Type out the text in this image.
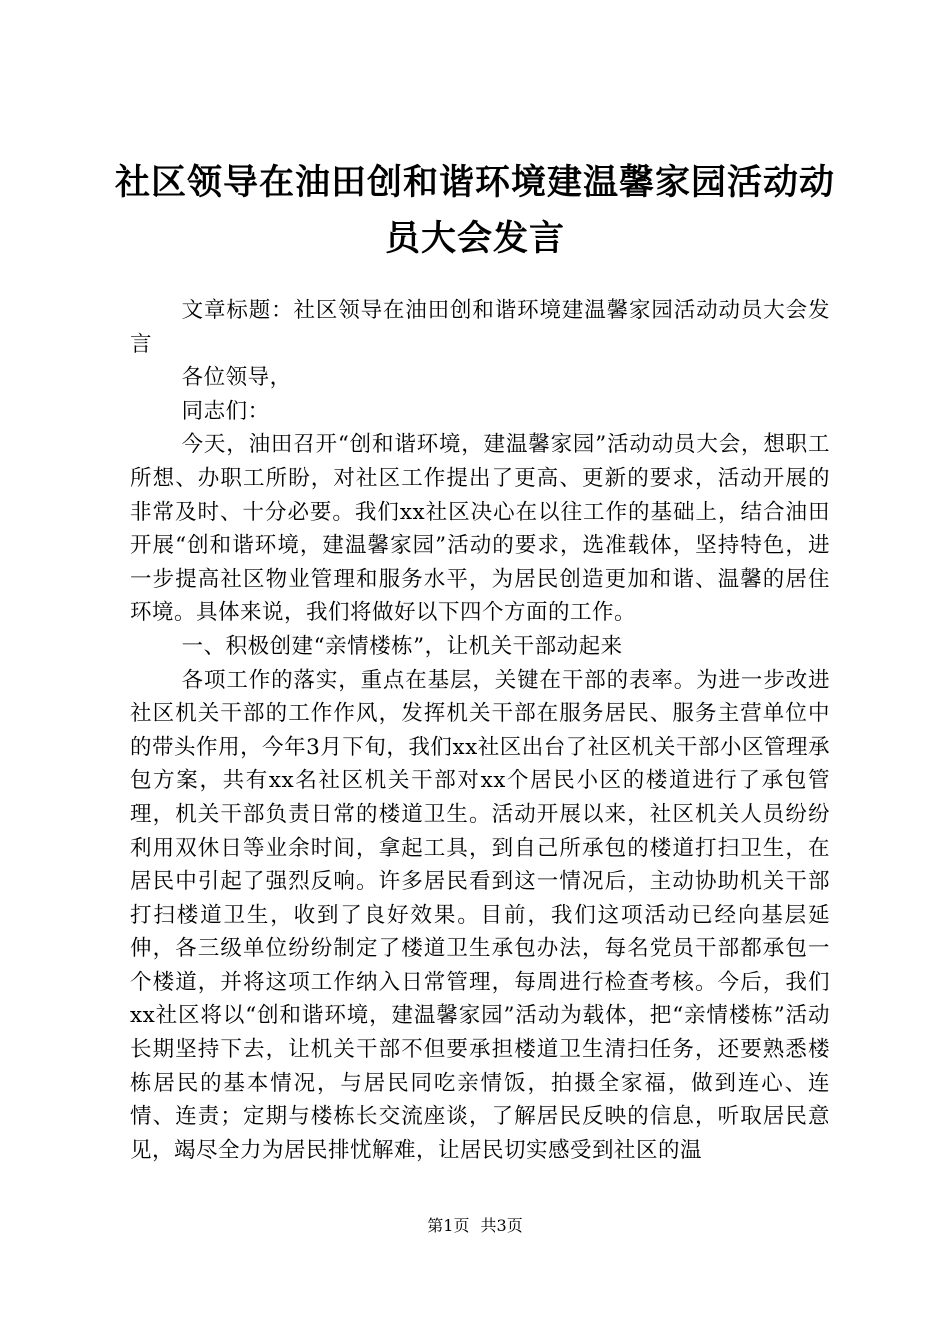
社区领导在油田创和谐环境建温馨家园活动动员大会发言

文章标题：社区领导在油田创和谐环境建温馨家园活动动员大会发言

各位领导，

同志们：

今天，油田召开“创和谐环境，建温馨家园”活动动员大会，想职工所想、办职工所盼，对社区工作提出了更高、更新的要求，活动开展的非常及时、十分必要。我们xx社区决心在以往工作的基础上，结合油田开展“创和谐环境，建温馨家园”活动的要求，选准载体，坚持特色，进一步提高社区物业管理和服务水平，为居民创造更加和谐、温馨的居住环境。具体来说，我们将做好以下四个方面的工作。

一、积极创建“亲情楼栋”，让机关干部动起来

各项工作的落实，重点在基层，关键在干部的表率。为进一步改进社区机关干部的工作作风，发挥机关干部在服务居民、服务主营单位中的带头作用，今年3月下旬，我们xx社区出台了社区机关干部小区管理承包方案，共有xx名社区机关干部对xx个居民小区的楼道进行了承包管理，机关干部负责日常的楼道卫生。活动开展以来，社区机关人员纷纷利用双休日等业余时间，拿起工具，到自己所承包的楼道打扫卫生，在居民中引起了强烈反响。许多居民看到这一情况后，主动协助机关干部打扫楼道卫生，收到了良好效果。目前，我们这项活动已经向基层延伸，各三级单位纷纷制定了楼道卫生承包办法，每名党员干部都承包一个楼道，并将这项工作纳入日常管理，每周进行检查考核。今后，我们xx社区将以“创和谐环境，建温馨家园”活动为载体，把“亲情楼栋”活动长期坚持下去，让机关干部不但要承担楼道卫生清扫任务，还要熟悉楼栋居民的基本情况，与居民同吃亲情饭，拍摄全家福，做到连心、连情、连责；定期与楼栋长交流座谈，了解居民反映的信息，听取居民意见，竭尽全力为居民排忧解难，让居民切实感受到社区的温

第1页 共3页
